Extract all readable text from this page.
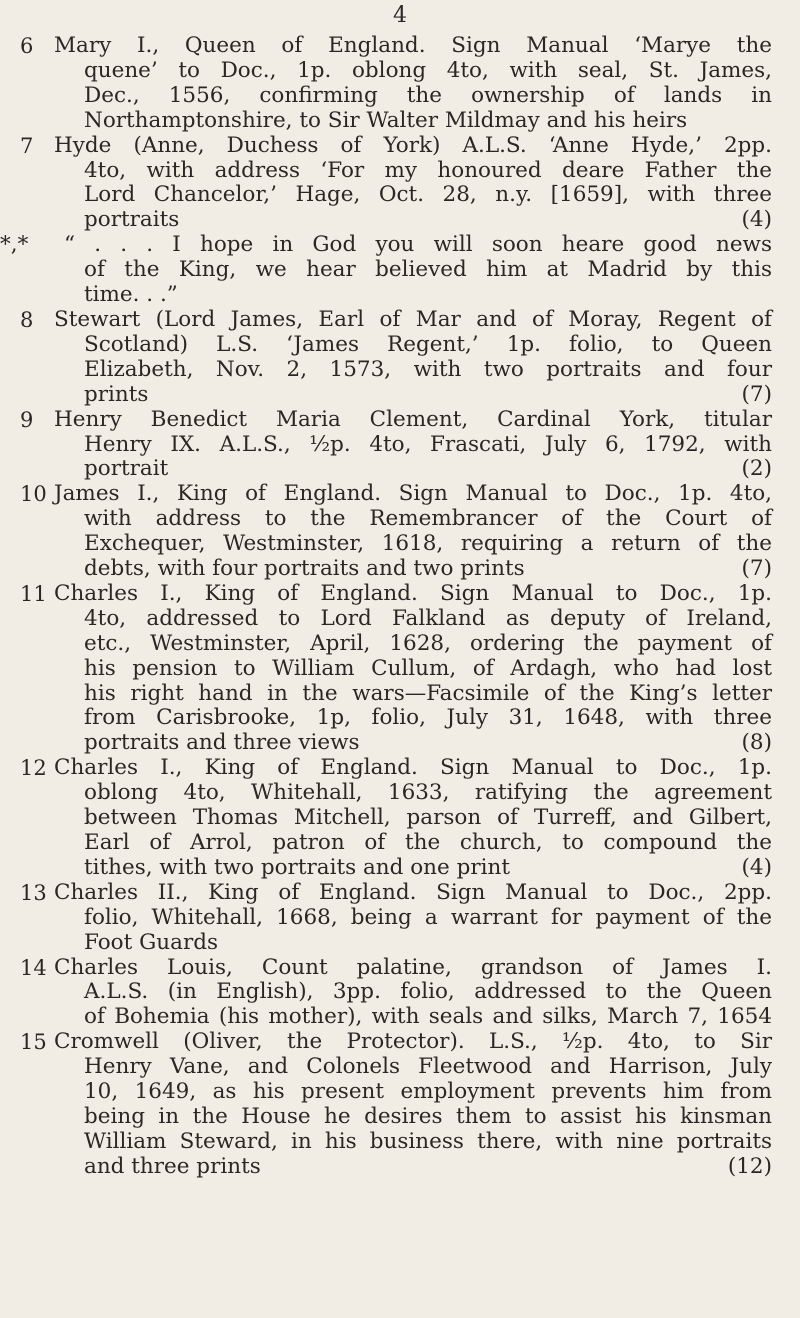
4
6 Mary I., Queen of England. Sign Manual ‘Marye the
quene’ to Doc., 1p. oblong 4to, with seal, St. James,
Dec., 1556, confirming the ownership of lands in
Northamptonshire, to Sir Walter Mildmay and his heirs
7 Hyde (Anne, Duchess of York) A.L.S. ‘Anne Hyde,’ 2pp.
4to, with address ‘For my honoured deare Father the
Lord Chancelor,’ Hage, Oct. 28, n.y. [1659], with three
portraits	(4)
*,* “ . . . I hope in God you will soon heare good news
of the King, we hear believed him at Madrid by this
time. . .”
8 Stewart (Lord James, Earl of Mar and of Moray, Regent of
Scotland) L.S. ‘James Regent,’ 1p. folio, to Queen
Elizabeth, Nov. 2, 1573, with two portraits and four
prints	(7)
9 Henry Benedict Maria Clement, Cardinal York, titular
Henry IX. A.L.S., ½p. 4to, Frascati, July 6, 1792, with
portrait	(2)
10 James I., King of England. Sign Manual to Doc., 1p. 4to,
with address to the Remembrancer of the Court of
Exchequer, Westminster, 1618, requiring a return of the
debts, with four portraits and two prints	(7)
11 Charles I., King of England. Sign Manual to Doc., 1p.
4to, addressed to Lord Falkland as deputy of Ireland,
etc., Westminster, April, 1628, ordering the payment of
his pension to William Cullum, of Ardagh, who had lost
his right hand in the wars—Facsimile of the King’s letter
from Carisbrooke, 1p, folio, July 31, 1648, with three
portraits and three views	(8)
12 Charles I., King of England. Sign Manual to Doc., 1p.
oblong 4to, Whitehall, 1633, ratifying the agreement
between Thomas Mitchell, parson of Turreff, and Gilbert,
Earl of Arrol, patron of the church, to compound the
tithes, with two portraits and one print	(4)
13 Charles II., King of England. Sign Manual to Doc., 2pp.
folio, Whitehall, 1668, being a warrant for payment of the
Foot Guards
14 Charles Louis, Count palatine, grandson of James I.
A.L.S. (in English), 3pp. folio, addressed to the Queen
of Bohemia (his mother), with seals and silks, March 7, 1654
15 Cromwell (Oliver, the Protector). L.S., ½p. 4to, to Sir
Henry Vane, and Colonels Fleetwood and Harrison, July
10, 1649, as his present employment prevents him from
being in the House he desires them to assist his kinsman
William Steward, in his business there, with nine portraits
and three prints	(12)
